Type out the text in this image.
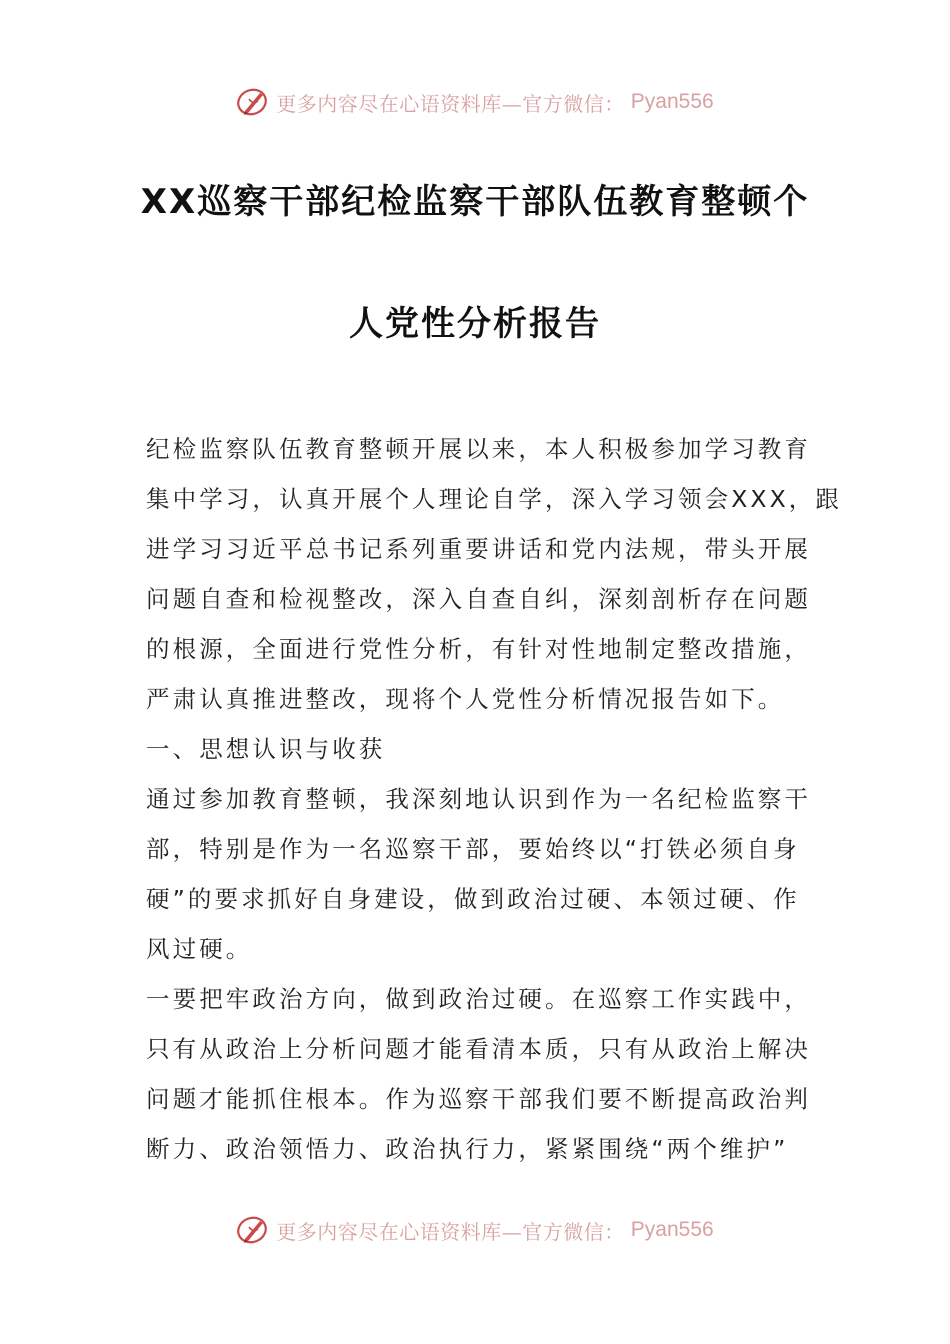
更多内容尽在心语资料库—官方微信： Pyan556
XX巡察干部纪检监察干部队伍教育整顿个
人党性分析报告
纪检监察队伍教育整顿开展以来，本人积极参加学习教育
集中学习，认真开展个人理论自学，深入学习领会XXX，跟
进学习习近平总书记系列重要讲话和党内法规，带头开展
问题自查和检视整改，深入自查自纠，深刻剖析存在问题
的根源，全面进行党性分析，有针对性地制定整改措施，
严肃认真推进整改，现将个人党性分析情况报告如下。
一、思想认识与收获
通过参加教育整顿，我深刻地认识到作为一名纪检监察干
部，特别是作为一名巡察干部，要始终以“打铁必须自身
硬”的要求抓好自身建设，做到政治过硬、本领过硬、作
风过硬。
一要把牢政治方向，做到政治过硬。在巡察工作实践中，
只有从政治上分析问题才能看清本质，只有从政治上解决
问题才能抓住根本。作为巡察干部我们要不断提高政治判
断力、政治领悟力、政治执行力，紧紧围绕“两个维护”
更多内容尽在心语资料库—官方微信： Pyan556
